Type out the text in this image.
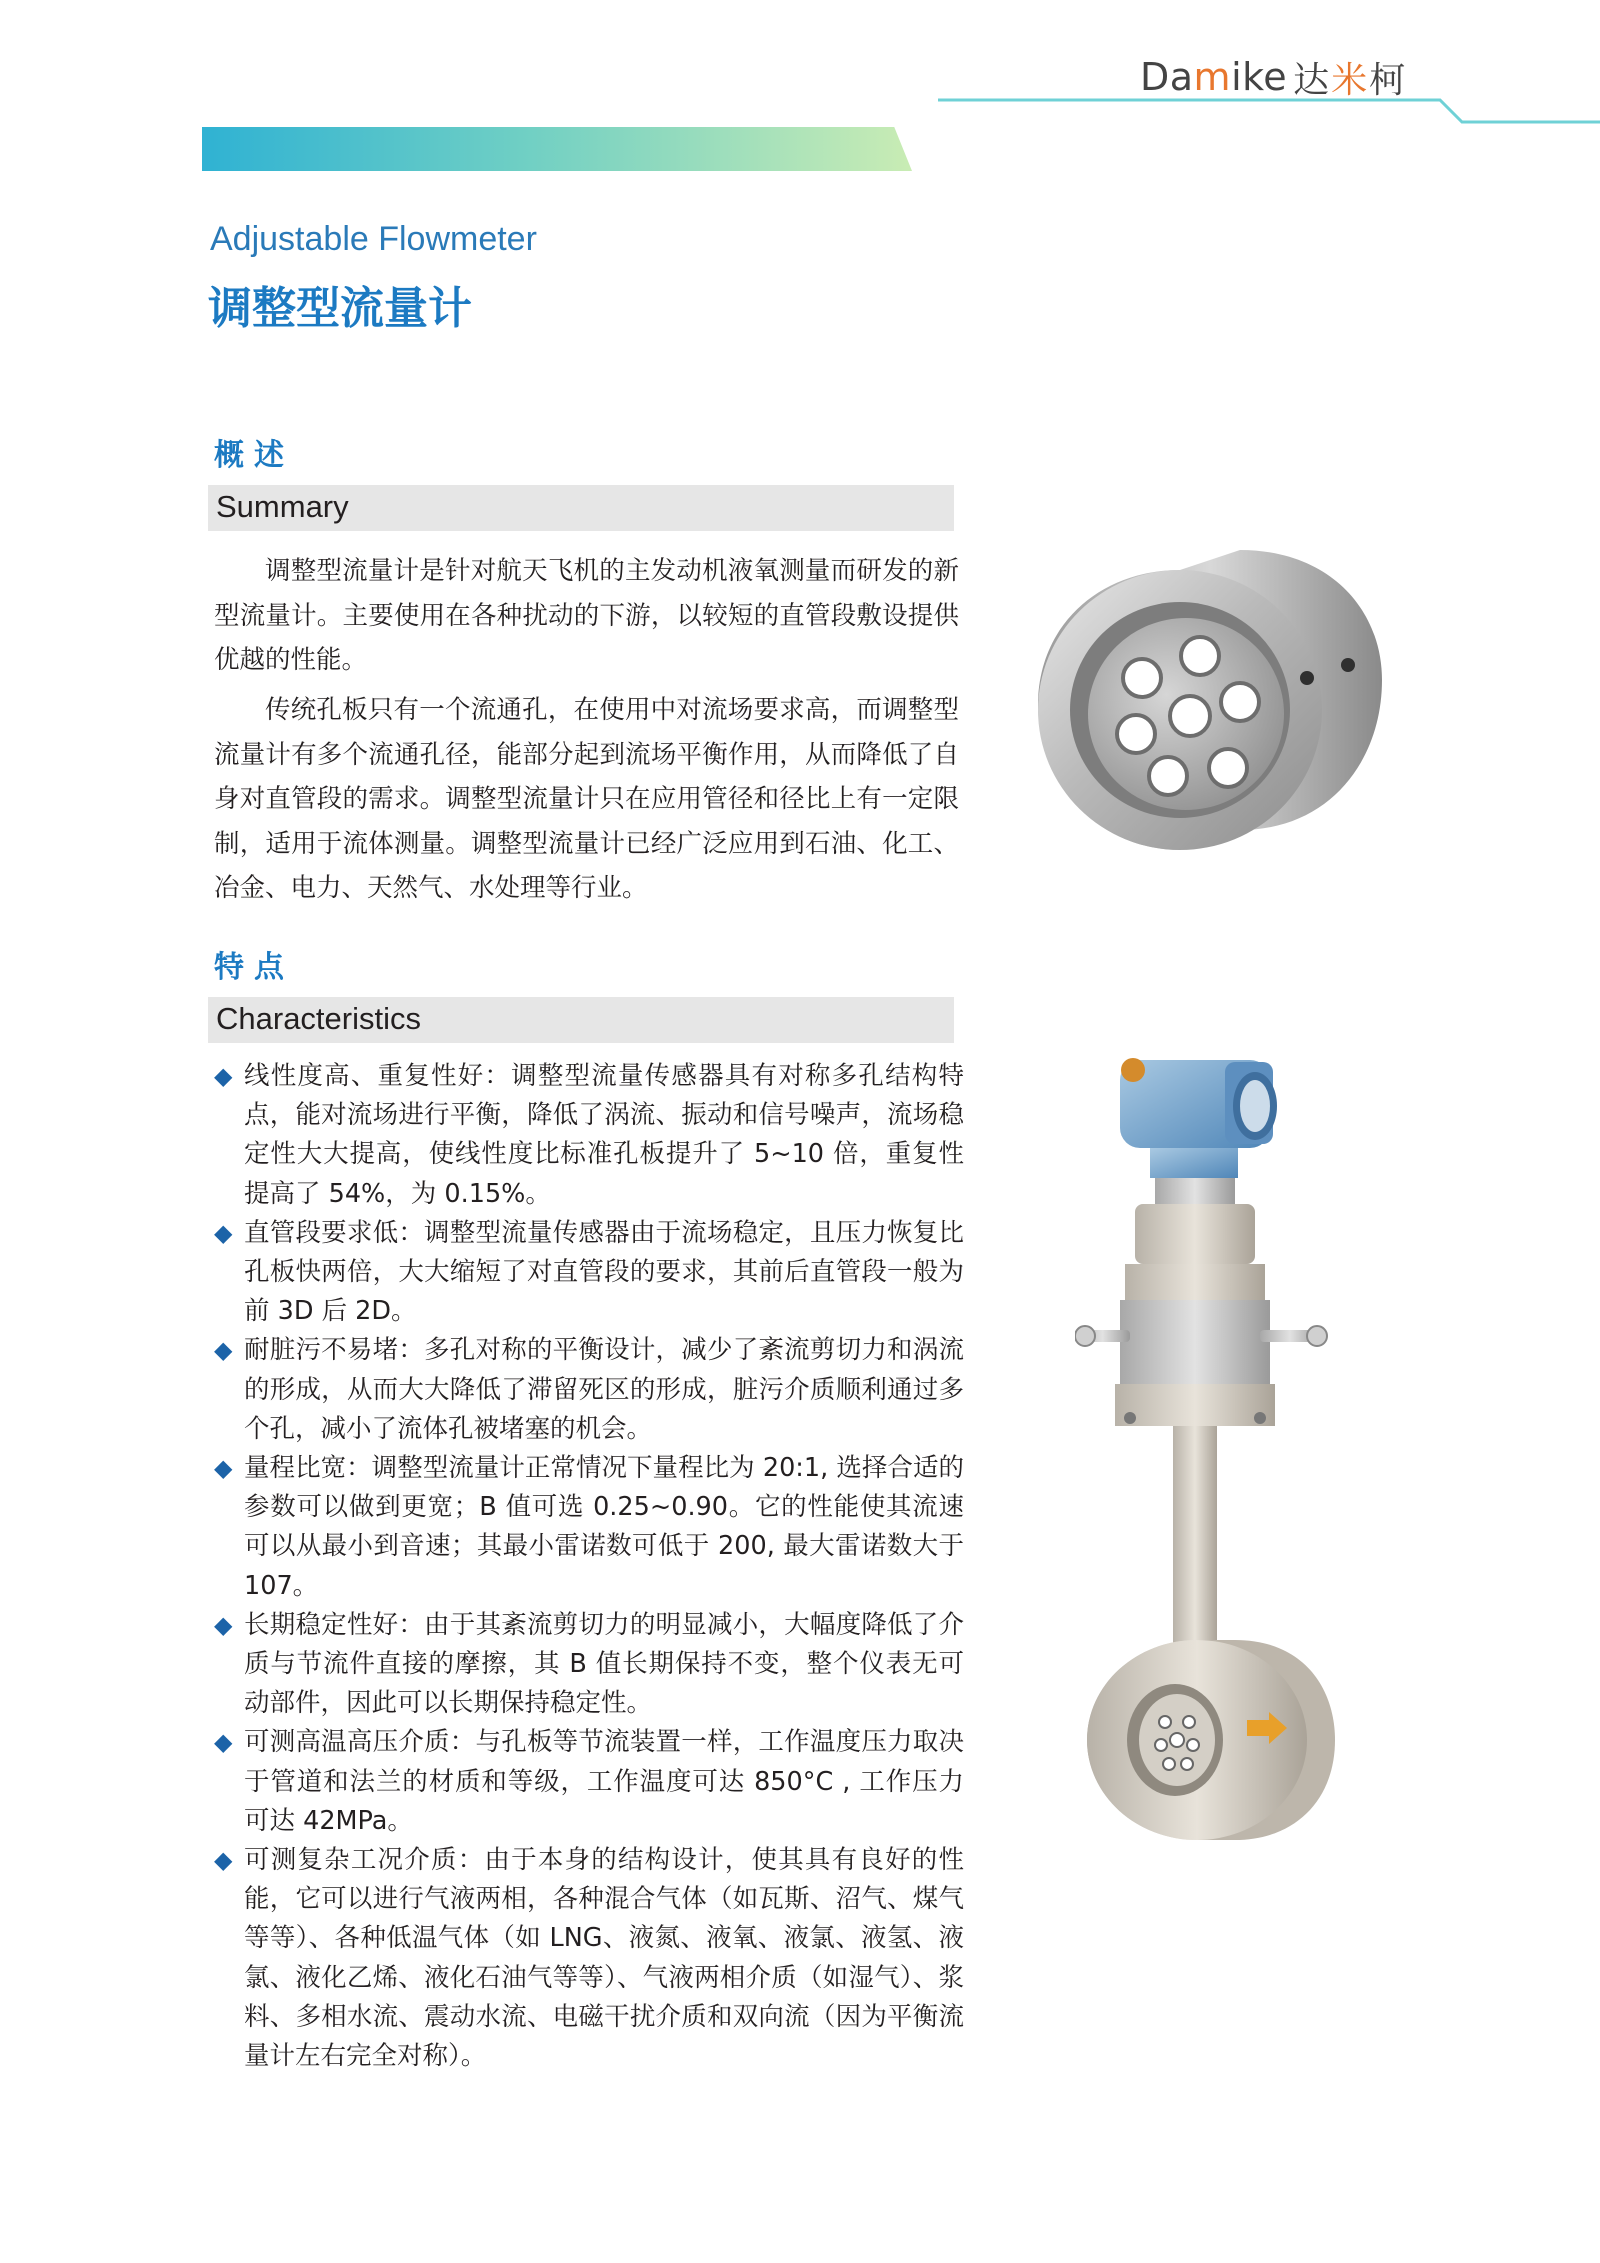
Damike 达米柯
Adjustable Flowmeter
调整型流量计
概述
Summary

调整型流量计是针对航天飞机的主发动机液氧测量而研发的新型流量计。主要使用在各种扰动的下游，以较短的直管段敷设提供优越的性能。

传统孔板只有一个流通孔，在使用中对流场要求高，而调整型流量计有多个流通孔径，能部分起到流场平衡作用，从而降低了自身对直管段的需求。调整型流量计只在应用管径和径比上有一定限制，适用于流体测量。调整型流量计已经广泛应用到石油、化工、冶金、电力、天然气、水处理等行业。

特点
Characteristics
◆ 线性度高、重复性好：调整型流量传感器具有对称多孔结构特点，能对流场进行平衡，降低了涡流、振动和信号噪声，流场稳定性大大提高，使线性度比标准孔板提升了 5~10 倍，重复性提高了 54%，为 0.15%。
◆ 直管段要求低：调整型流量传感器由于流场稳定，且压力恢复比孔板快两倍，大大缩短了对直管段的要求，其前后直管段一般为前 3D 后 2D。
◆ 耐脏污不易堵：多孔对称的平衡设计，减少了紊流剪切力和涡流的形成，从而大大降低了滞留死区的形成，脏污介质顺利通过多个孔，减小了流体孔被堵塞的机会。
◆ 量程比宽：调整型流量计正常情况下量程比为 20:1, 选择合适的参数可以做到更宽；B 值可选 0.25~0.90。它的性能使其流速可以从最小到音速；其最小雷诺数可低于 200, 最大雷诺数大于 107。
◆ 长期稳定性好：由于其紊流剪切力的明显减小，大幅度降低了介质与节流件直接的摩擦，其 B 值长期保持不变，整个仪表无可动部件，因此可以长期保持稳定性。
◆ 可测高温高压介质：与孔板等节流装置一样，工作温度压力取决于管道和法兰的材质和等级，工作温度可达 850°C , 工作压力可达 42MPa。
◆ 可测复杂工况介质：由于本身的结构设计，使其具有良好的性能，它可以进行气液两相，各种混合气体（如瓦斯、沼气、煤气等等）、各种低温气体（如 LNG、液氮、液氧、液氯、液氢、液氯、液化乙烯、液化石油气等等）、气液两相介质（如湿气）、浆料、多相水流、震动水流、电磁干扰介质和双向流（因为平衡流量计左右完全对称）。
